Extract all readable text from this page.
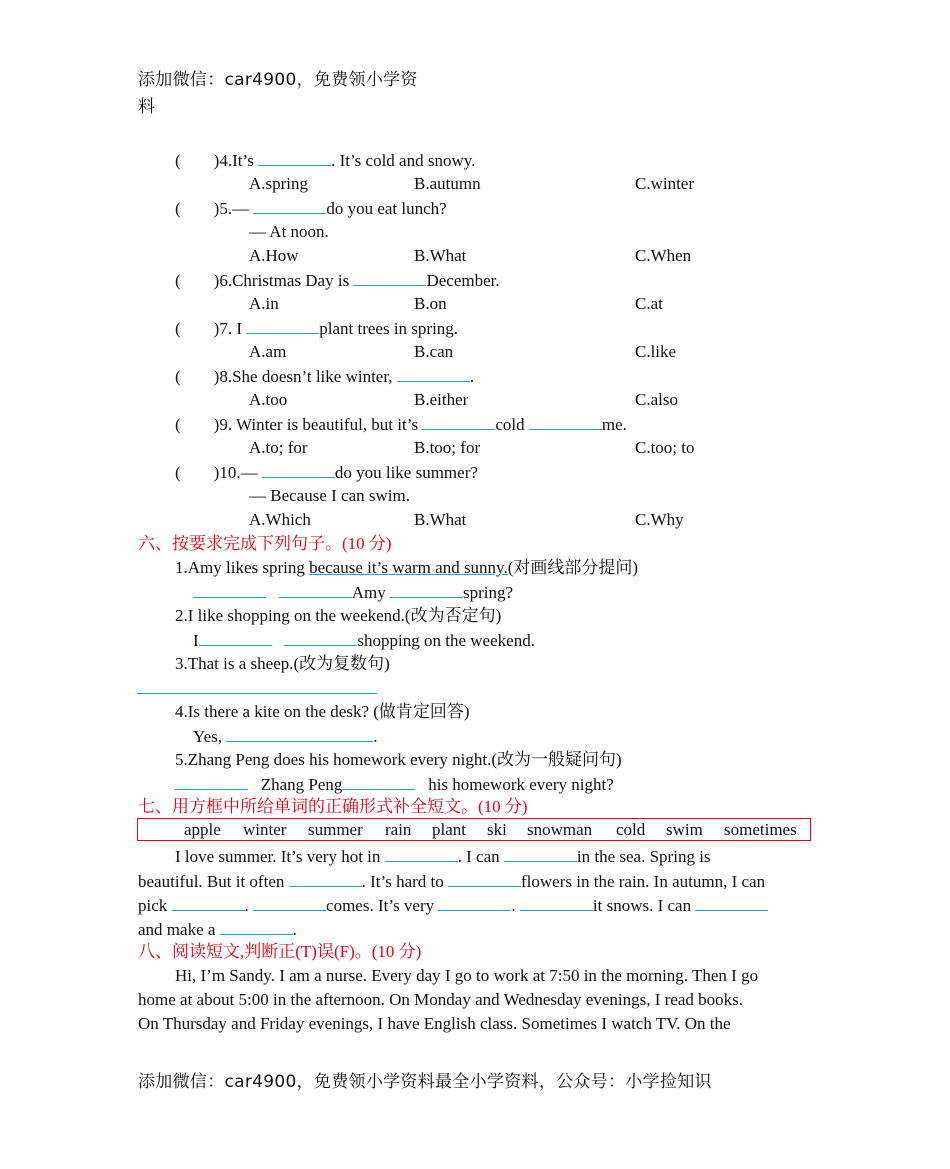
添加微信：car4900，免费领小学资
料
( )4.It’s	. It’s cold and snowy.
A.spring	B.autumn	C.winter
( )5.—	do you eat lunch?
— At noon.
A.How	B.What	C.When
( )6.Christmas Day is	December.
A.in	B.on	C.at
( )7. I	plant trees in spring.
A.am	B.can	C.like
( )8.She doesn’t like winter,	.
A.too	B.either	C.also
( )9. Winter is beautiful, but it’s	cold	me.
A.to; for	B.too; for	C.too; to
( )10.—	do you like summer?
— Because I can swim.
A.Which	B.What	C.Why
六、按要求完成下列句子。(10 分)
1.Amy likes spring because it’s warm and sunny.(对画线部分提问)
Amy	spring?
2.I like shopping on the weekend.(改为否定句)
I	shopping on the weekend.
3.That is a sheep.(改为复数句)
4.Is there a kite on the desk? (做肯定回答)
Yes,	.
5.Zhang Peng does his homework every night.(改为一般疑问句)
Zhang Peng	his homework every night?
七、用方框中所给单词的正确形式补全短文。(10 分)
apple winter summer rain plant ski snowman cold swim sometimes
I love summer. It’s very hot in	. I can	in the sea. Spring is
beautiful. But it often	. It’s hard to	flowers in the rain. In autumn, I can
pick	.	comes. It’s very	.	it snows. I can
and make a	.
八、阅读短文,判断正(T)误(F)。(10 分)
Hi, I’m Sandy. I am a nurse. Every day I go to work at 7:50 in the morning. Then I go
home at about 5:00 in the afternoon. On Monday and Wednesday evenings, I read books.
On Thursday and Friday evenings, I have English class. Sometimes I watch TV. On the
添加微信：car4900，免费领小学资料最全小学资料，公众号：小学捡知识
